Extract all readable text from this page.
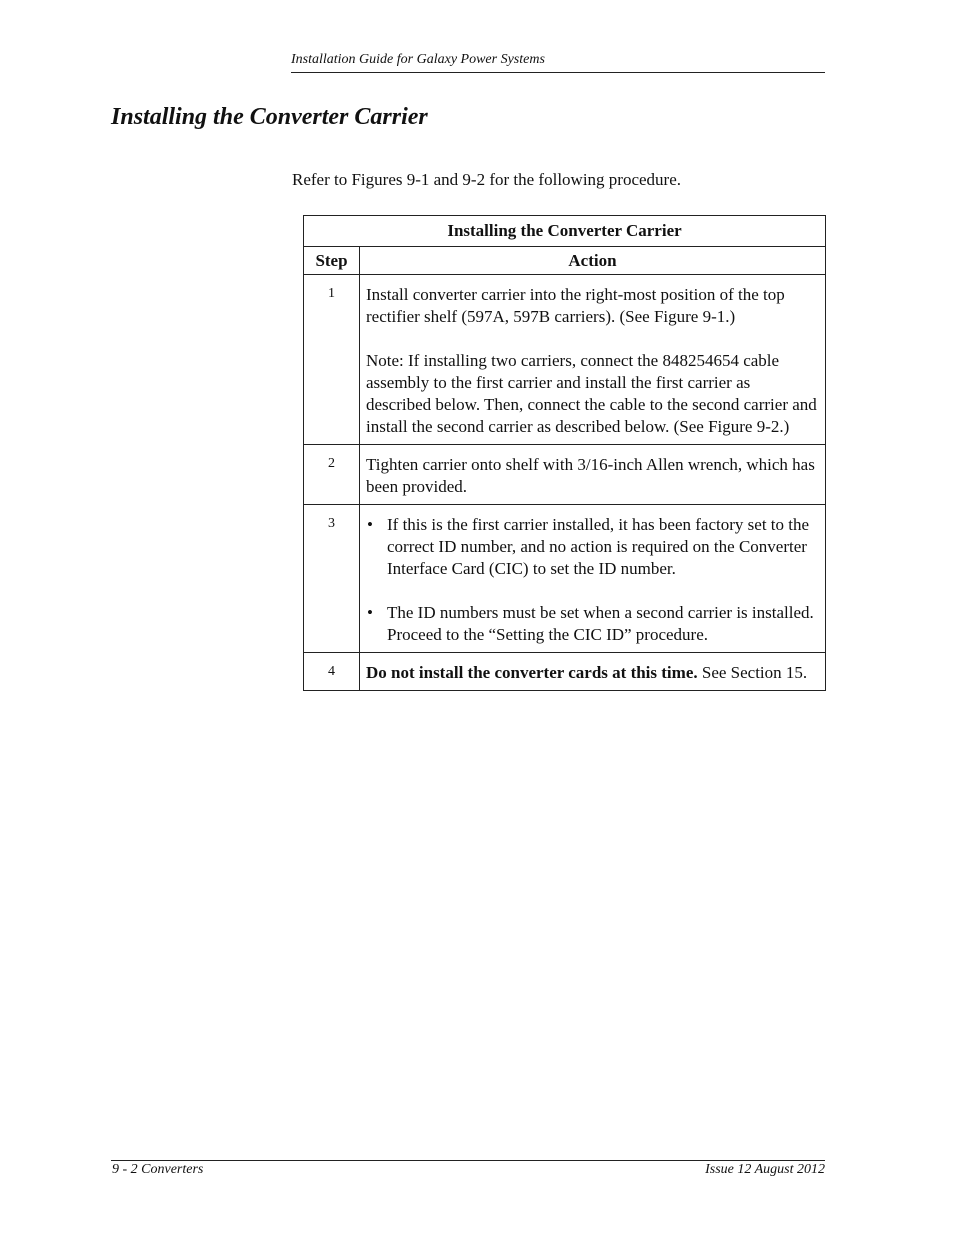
Installation Guide for Galaxy Power Systems
Installing the Converter Carrier
Refer to Figures 9-1 and 9-2 for the following procedure.
Installing the Converter Carrier	
Step	Action
1	Install converter carrier into the right-most position of the top rectifier shelf (597A, 597B carriers). (See Figure 9-1.)

Note: If installing two carriers, connect the 848254654 cable assembly to the first carrier and install the first carrier as described below. Then, connect the cable to the second carrier and install the second carrier as described below. (See Figure 9-2.)

2	Tighten carrier onto shelf with 3/16-inch Allen wrench, which has been provided.

3	• If this is the first carrier installed, it has been factory set to the correct ID number, and no action is required on the Converter Interface Card (CIC) to set the ID number.
• The ID numbers must be set when a second carrier is installed. Proceed to the “Setting the CIC ID” procedure.

4	Do not install the converter cards at this time. See Section 15.
9 - 2 Converters	Issue 12 August 2012
